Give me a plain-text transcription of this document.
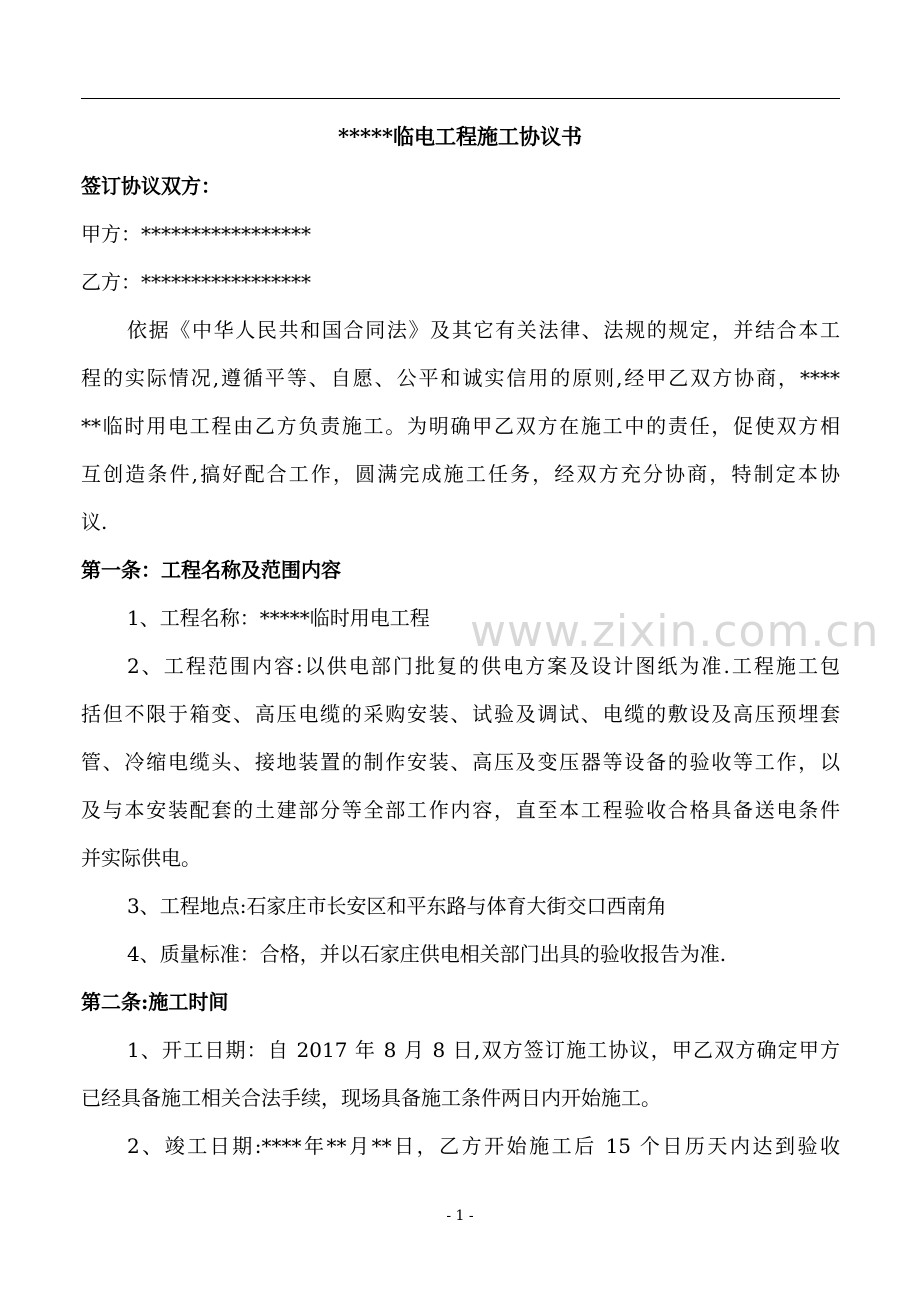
*****临电工程施工协议书
签订协议双方：
甲方：*****************
乙方：*****************
依据《中华人民共和国合同法》及其它有关法律、法规的规定，并结合本工
程的实际情况,遵循平等、自愿、公平和诚实信用的原则,经甲乙双方协商，****
**临时用电工程由乙方负责施工。为明确甲乙双方在施工中的责任，促使双方相
互创造条件,搞好配合工作，圆满完成施工任务，经双方充分协商，特制定本协
议.
第一条：工程名称及范围内容
1、工程名称：*****临时用电工程
2、工程范围内容:以供电部门批复的供电方案及设计图纸为准.工程施工包
括但不限于箱变、高压电缆的采购安装、试验及调试、电缆的敷设及高压预埋套
管、冷缩电缆头、接地装置的制作安装、高压及变压器等设备的验收等工作，以
及与本安装配套的土建部分等全部工作内容，直至本工程验收合格具备送电条件
并实际供电。
3、工程地点:石家庄市长安区和平东路与体育大街交口西南角
4、质量标准：合格，并以石家庄供电相关部门出具的验收报告为准.
第二条:施工时间
1、开工日期：自 2017 年 8 月 8 日,双方签订施工协议，甲乙双方确定甲方
已经具备施工相关合法手续，现场具备施工条件两日内开始施工。
2、竣工日期:****年**月**日，乙方开始施工后 15 个日历天内达到验收
www.zixin.com.cn
- 1 -
